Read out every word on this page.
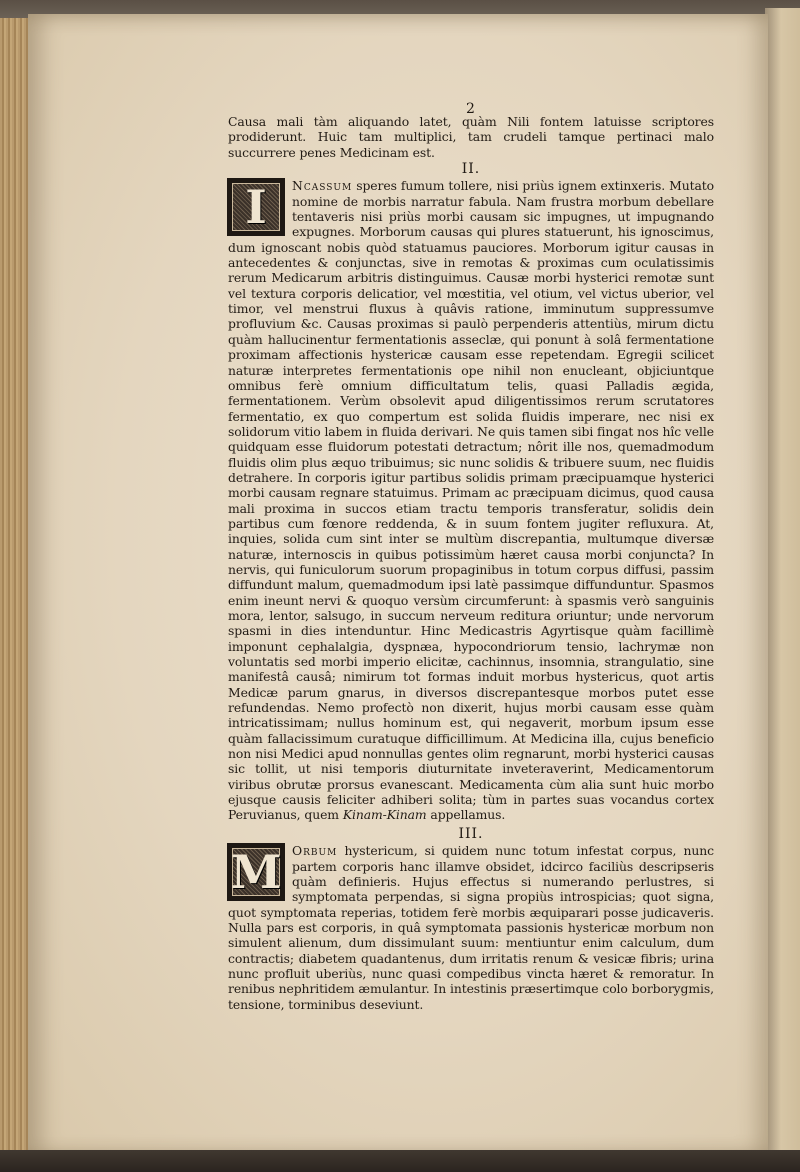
2

Causa mali tàm aliquando latet, quàm Nili fontem latuisse scriptores prodiderunt. Huic tam multiplici, tam crudeli tamque pertinaci malo succurrere penes Medicinam est.

II.

I	Ncassum speres fumum tollere, nisi priùs ignem extinxeris. Mutato nomine de morbis narratur fabula. Nam frustra morbum debellare tentaveris nisi priùs morbi causam sic impugnes, ut impugnando expugnes. Morborum causas qui plures statuerunt, his ignoscimus, dum ignoscant nobis quòd statuamus pauciores. Morborum igitur causas in antecedentes & conjunctas, sive in remotas & proximas cum oculatissimis rerum Medicarum arbitris distinguimus. Causæ morbi hysterici remotæ sunt vel textura corporis delicatior, vel mœstitia, vel otium, vel victus uberior, vel timor, vel menstrui fluxus à quâvis ratione, imminutum suppressumve profluvium &c. Causas proximas si paulò perpenderis attentiùs, mirum dictu quàm hallucinentur fermentationis asseclæ, qui ponunt à solâ fermentatione proximam affectionis hystericæ causam esse repetendam. Egregii scilicet naturæ interpretes fermentationis ope nihil non enucleant, objiciuntque omnibus ferè omnium difficultatum telis, quasi Palladis ægida, fermentationem. Verùm obsolevit apud diligentissimos rerum scrutatores fermentatio, ex quo compertum est solida fluidis imperare, nec nisi ex solidorum vitio labem in fluida derivari. Ne quis tamen sibi fingat nos hîc velle quidquam esse fluidorum potestati detractum; nôrit ille nos, quemadmodum fluidis olim plus æquo tribuimus; sic nunc solidis & tribuere suum, nec fluidis detrahere. In corporis igitur partibus solidis primam præcipuamque hysterici morbi causam regnare statuimus. Primam ac præcipuam dicimus, quod causa mali proxima in succos etiam tractu temporis transferatur, solidis dein partibus cum fœnore reddenda, & in suum fontem jugiter refluxura. At, inquies, solida cum sint inter se multùm discrepantia, multumque diversæ naturæ, internoscis in quibus potissimùm hæret causa morbi conjuncta? In nervis, qui funiculorum suorum propaginibus in totum corpus diffusi, passim diffundunt malum, quemadmodum ipsi latè passimque diffunduntur. Spasmos enim ineunt nervi & quoquo versùm circumferunt: à spasmis verò sanguinis mora, lentor, salsugo, in succum nerveum reditura oriuntur; unde nervorum spasmi in dies intenduntur. Hinc Medicastris Agyrtisque quàm facillimè imponunt cephalalgia, dyspnæa, hypocondriorum tensio, lachrymæ non voluntatis sed morbi imperio elicitæ, cachinnus, insomnia, strangulatio, sine manifestâ causâ; nimirum tot formas induit morbus hystericus, quot artis Medicæ parum gnarus, in diversos discrepantesque morbos putet esse refundendas. Nemo profectò non dixerit, hujus morbi causam esse quàm intricatissimam; nullus hominum est, qui negaverit, morbum ipsum esse quàm fallacissimum curatuque difficillimum. At Medicina illa, cujus beneficio non nisi Medici apud nonnullas gentes olim regnarunt, morbi hysterici causas sic tollit, ut nisi temporis diuturnitate inveteraverint, Medicamentorum viribus obrutæ prorsus evanescant. Medicamenta cùm alia sunt huic morbo ejusque causis feliciter adhiberi solita; tùm in partes suas vocandus cortex Peruvianus, quem Kinam-Kinam appellamus.

III.

M Orbum hystericum, si quidem nunc totum infestat corpus, nunc partem corporis hanc illamve obsidet, idcirco faciliùs descripseris quàm definieris. Hujus effectus si numerando perlustres, si symptomata perpendas, si signa propiùs introspicias; quot signa, quot symptomata reperias, totidem ferè morbis æquiparari posse judicaveris. Nulla pars est corporis, in quâ symptomata passionis hystericæ morbum non simulent alienum, dum dissimulant suum: mentiuntur enim calculum, dum contractis; diabetem quadantenus, dum irritatis renum & vesicæ fibris; urina nunc profluit uberiùs, nunc quasi compedibus vincta hæret & remoratur. In renibus nephritidem æmulantur. In intestinis præsertimque colo borborygmis, tensione, torminibus deseviunt.
